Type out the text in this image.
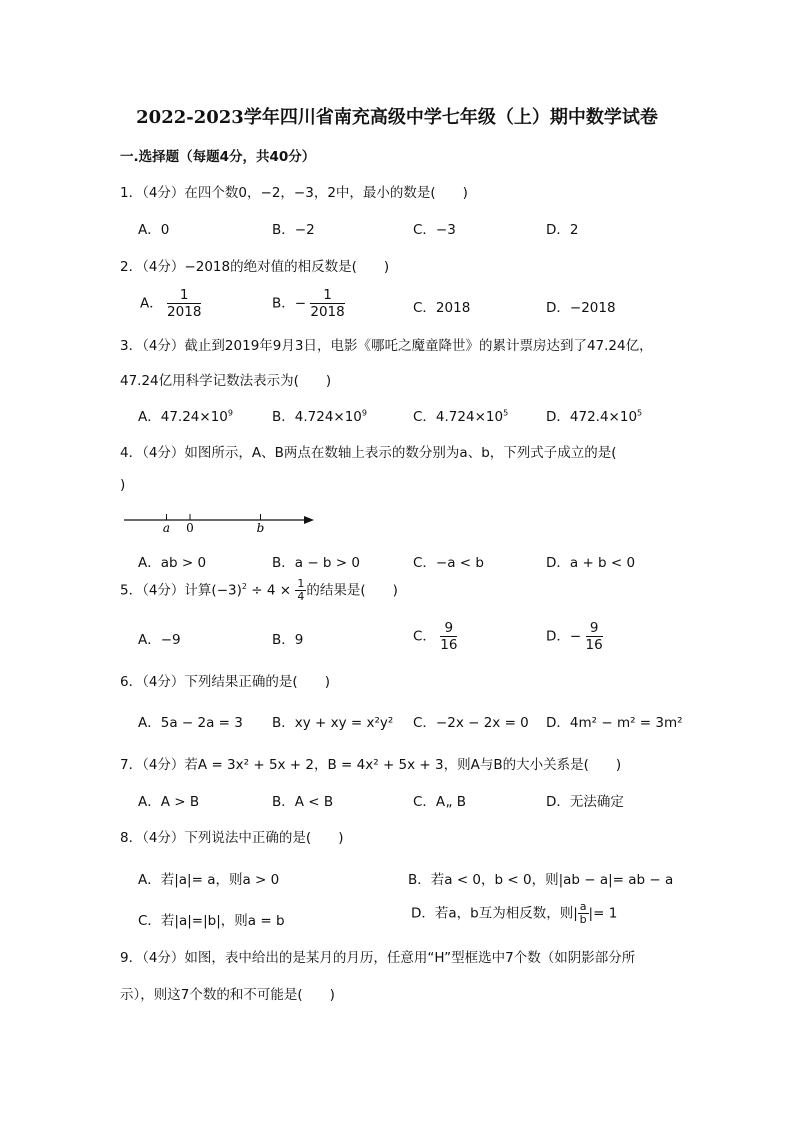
2022-2023学年四川省南充高级中学七年级（上）期中数学试卷
一.选择题（每题4分，共40分）
1．（4分）在四个数0，−2，−3，2中，最小的数是(　　)
A．0	B．−2	C．−3	D．2
2．（4分）−2018的绝对值的相反数是(　　)
A． $\frac{1}{2018}$	B．− $\frac{1}{2018}$	C．2018	D．−2018
3．（4分）截止到2019年9月3日，电影《哪吒之魔童降世》的累计票房达到了47.24亿，
47.24亿用科学记数法表示为(　　)
A．$47.24\times 10^9$	B．$4.724\times 10^9$	C．$4.724\times 10^5$	D．$472.4\times 10^5$
4．（4分）如图所示，A、B两点在数轴上表示的数分别为a、b，下列式子成立的是(
)
a 0	b
A．ab > 0	B．a − b > 0	C．−a < b	D．a + b < 0
5．（4分）计算$(-3)^2 \div 4 \times \frac{1}{4}$ 的结果是(　　)
A．−9	B．9	C． $\frac{9}{16}$	D．− $\frac{9}{16}$
6．（4分）下列结果正确的是(　　)
A．5a − 2a = 3 B．xy + xy = x²y² C．−2x − 2x = 0 D．4m² − m² = 3m²
7．（4分）若A = 3x² + 5x + 2，B = 4x² + 5x + 3，则A与B的大小关系是(　　)
A．A > B	B．A < B	C．A„ B	D．无法确定
8．（4分）下列说法中正确的是(　　)
A．若|a|= a，则a > 0	B．若a < 0，b < 0，则|ab − a|= ab − a
C．若|a|=|b|，则a = b	D．若a，b互为相反数，则| $\frac{a}{b}$ |= 1
9．（4分）如图，表中给出的是某月的月历，任意用“H”型框选中7个数（如阴影部分所
示），则这7个数的和不可能是(　　)
